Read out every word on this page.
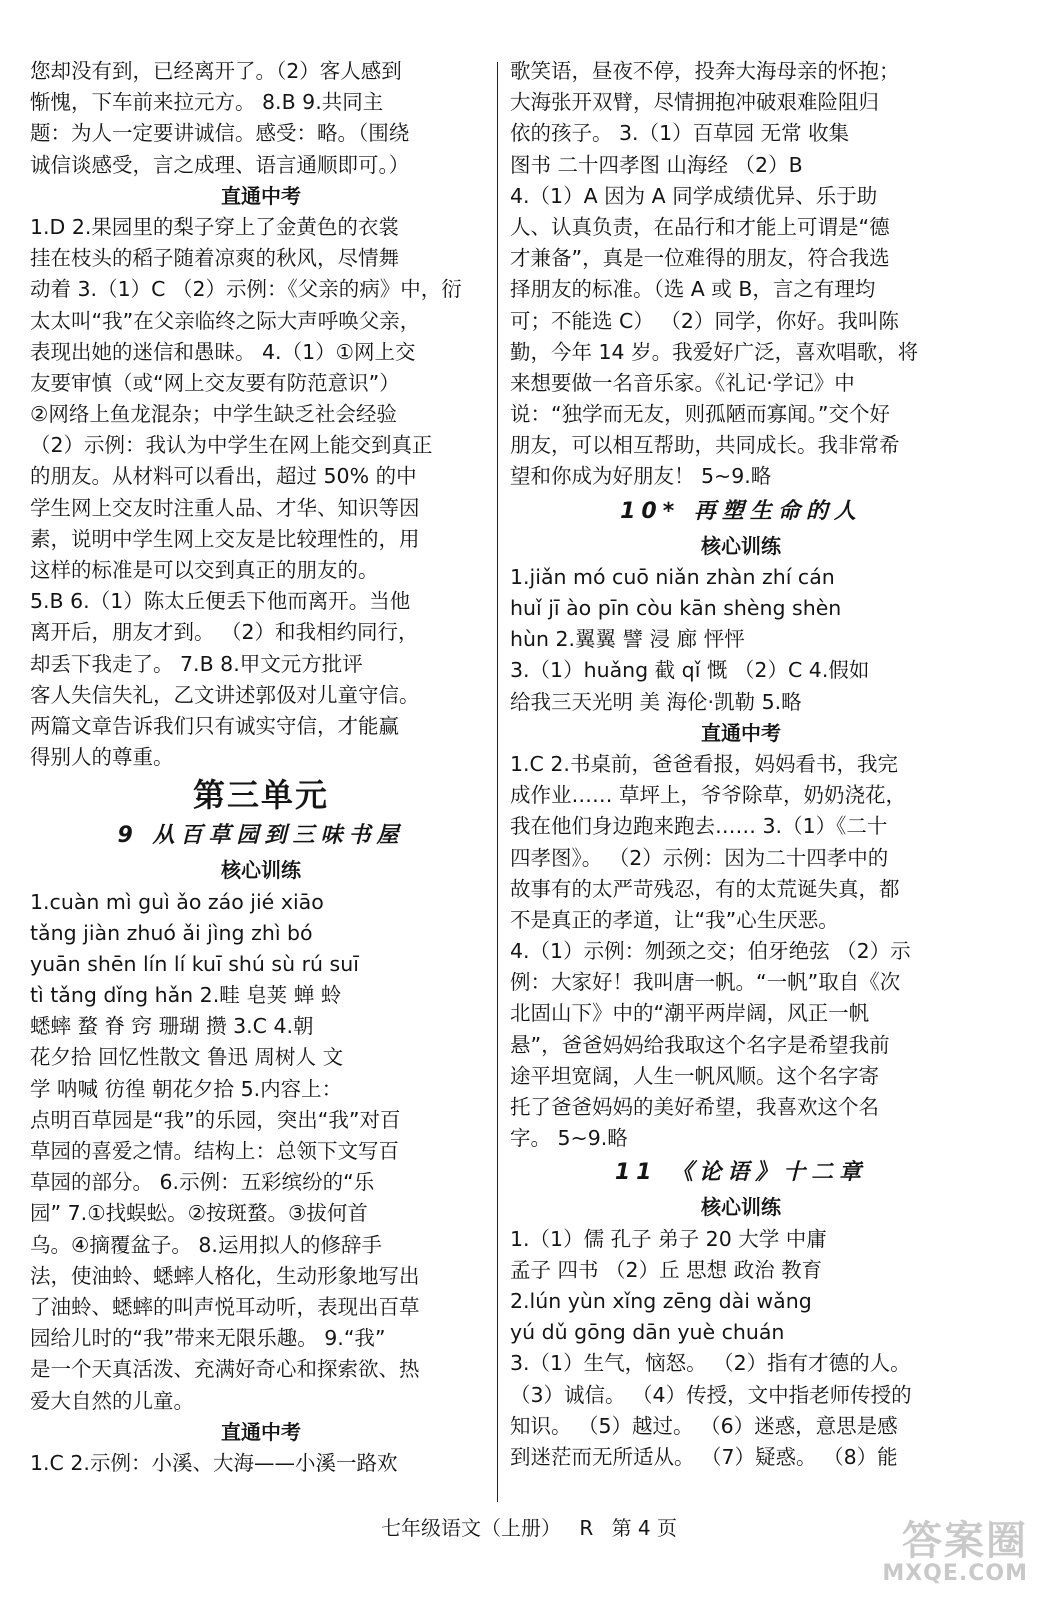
您却没有到，已经离开了。（2）客人感到
惭愧，下车前来拉元方。 8.B 9.共同主
题：为人一定要讲诚信。感受：略。（围绕
诚信谈感受，言之成理、语言通顺即可。）
直通中考
1.D 2.果园里的梨子穿上了金黄色的衣裳
挂在枝头的稻子随着凉爽的秋风，尽情舞
动着 3.（1）C （2）示例：《父亲的病》中，衍
太太叫“我”在父亲临终之际大声呼唤父亲，
表现出她的迷信和愚昧。 4.（1）①网上交
友要审慎（或“网上交友要有防范意识”）
②网络上鱼龙混杂；中学生缺乏社会经验
（2）示例：我认为中学生在网上能交到真正
的朋友。从材料可以看出，超过 50% 的中
学生网上交友时注重人品、才华、知识等因
素，说明中学生网上交友是比较理性的，用
这样的标准是可以交到真正的朋友的。
5.B 6.（1）陈太丘便丢下他而离开。当他
离开后，朋友才到。 （2）和我相约同行，
却丢下我走了。 7.B 8.甲文元方批评
客人失信失礼，乙文讲述郭伋对儿童守信。
两篇文章告诉我们只有诚实守信，才能赢
得别人的尊重。
第三单元
9 从百草园到三味书屋
核心训练
1.cuàn mì guì ǎo záo jié xiāo
tǎng jiàn zhuó ǎi jìng zhì bó
yuān shēn lín lí kuī shú sù rú suī
tì tǎng dǐng hǎn 2.畦 皂荚 蝉 蛉
蟋蟀 蝥 脊 窍 珊瑚 攒 3.C 4.朝
花夕拾 回忆性散文 鲁迅 周树人 文
学 呐喊 彷徨 朝花夕拾 5.内容上：
点明百草园是“我”的乐园，突出“我”对百
草园的喜爱之情。结构上：总领下文写百
草园的部分。 6.示例：五彩缤纷的“乐
园” 7.①找蜈蚣。②按斑蝥。③拔何首
乌。④摘覆盆子。 8.运用拟人的修辞手
法，使油蛉、蟋蟀人格化，生动形象地写出
了油蛉、蟋蟀的叫声悦耳动听，表现出百草
园给儿时的“我”带来无限乐趣。 9.“我”
是一个天真活泼、充满好奇心和探索欲、热
爱大自然的儿童。
直通中考
1.C 2.示例：小溪、大海——小溪一路欢
歌笑语，昼夜不停，投奔大海母亲的怀抱；
大海张开双臂，尽情拥抱冲破艰难险阻归
依的孩子。 3.（1）百草园 无常 收集
图书 二十四孝图 山海经 （2）B
4.（1）A 因为 A 同学成绩优异、乐于助
人、认真负责，在品行和才能上可谓是“德
才兼备”，真是一位难得的朋友，符合我选
择朋友的标准。（选 A 或 B，言之有理均
可；不能选 C） （2）同学，你好。我叫陈
勤，今年 14 岁。我爱好广泛，喜欢唱歌，将
来想要做一名音乐家。《礼记·学记》中
说：“独学而无友，则孤陋而寡闻。”交个好
朋友，可以相互帮助，共同成长。我非常希
望和你成为好朋友！ 5~9.略
10* 再塑生命的人
核心训练
1.jiǎn mó cuō niǎn zhàn zhí cán
huǐ jī ào pīn còu kān shèng shèn
hùn 2.翼翼 譬 浸 廊 怦怦
3.（1）huǎng 截 qǐ 慨 （2）C 4.假如
给我三天光明 美 海伦·凯勒 5.略
直通中考
1.C 2.书桌前，爸爸看报，妈妈看书，我完
成作业…… 草坪上，爷爷除草，奶奶浇花，
我在他们身边跑来跑去…… 3.（1）《二十
四孝图》。 （2）示例：因为二十四孝中的
故事有的太严苛残忍，有的太荒诞失真，都
不是真正的孝道，让“我”心生厌恶。
4.（1）示例：刎颈之交；伯牙绝弦 （2）示
例：大家好！我叫唐一帆。“一帆”取自《次
北固山下》中的“潮平两岸阔，风正一帆
悬”，爸爸妈妈给我取这个名字是希望我前
途平坦宽阔，人生一帆风顺。这个名字寄
托了爸爸妈妈的美好希望，我喜欢这个名
字。 5~9.略
11 《论语》十二章
核心训练
1.（1）儒 孔子 弟子 20 大学 中庸
孟子 四书 （2）丘 思想 政治 教育
2.lún yùn xǐng zēng dài wǎng
yú dǔ gōng dān yuè chuán
3.（1）生气，恼怒。 （2）指有才德的人。
（3）诚信。 （4）传授，文中指老师传授的
知识。 （5）越过。 （6）迷惑，意思是感
到迷茫而无所适从。 （7）疑惑。 （8）能
七年级语文（上册） R 第 4 页	答案圈
MXQE.COM
